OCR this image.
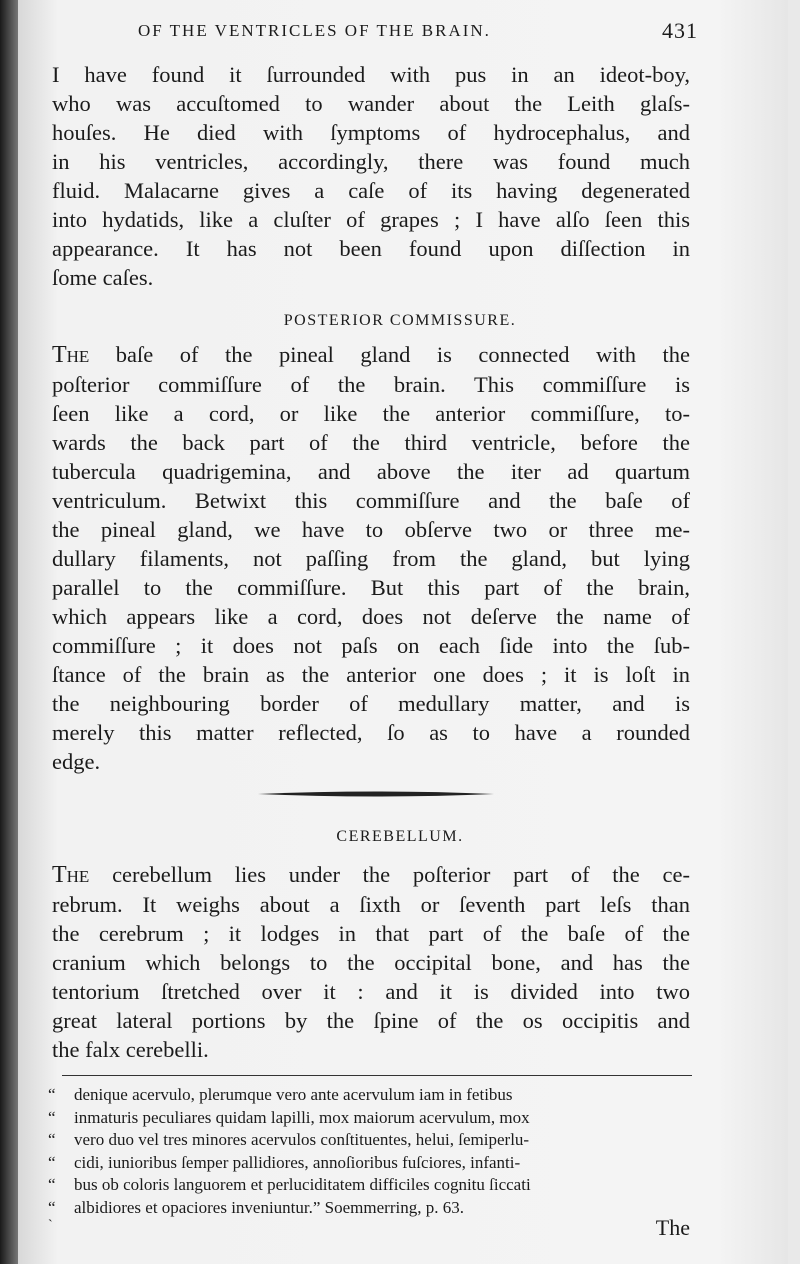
OF THE VENTRICLES OF THE BRAIN.	431
I have found it ſurrounded with pus in an ideot-boy,
who was accuſtomed to wander about the Leith glaſs-
houſes. He died with ſymptoms of hydrocephalus, and
in his ventricles, accordingly, there was found much
fluid. Malacarne gives a caſe of its having degenerated
into hydatids, like a cluſter of grapes ; I have alſo ſeen this
appearance. It has not been found upon diſſection in
ſome caſes.
POSTERIOR COMMISSURE.
The baſe of the pineal gland is connected with the
poſterior commiſſure of the brain. This commiſſure is
ſeen like a cord, or like the anterior commiſſure, to-
wards the back part of the third ventricle, before the
tubercula quadrigemina, and above the iter ad quartum
ventriculum. Betwixt this commiſſure and the baſe of
the pineal gland, we have to obſerve two or three me-
dullary filaments, not paſſing from the gland, but lying
parallel to the commiſſure. But this part of the brain,
which appears like a cord, does not deſerve the name of
commiſſure ; it does not paſs on each ſide into the ſub-
ſtance of the brain as the anterior one does ; it is loſt in
the neighbouring border of medullary matter, and is
merely this matter reflected, ſo as to have a rounded
edge.
CEREBELLUM.
The cerebellum lies under the poſterior part of the ce-
rebrum. It weighs about a ſixth or ſeventh part leſs than
the cerebrum ; it lodges in that part of the baſe of the
cranium which belongs to the occipital bone, and has the
tentorium ſtretched over it : and it is divided into two
great lateral portions by the ſpine of the os occipitis and
the falx cerebelli.
“ denique acervulo, plerumque vero ante acervulum iam in fetibus
“ inmaturis peculiares quidam lapilli, mox maiorum acervulum, mox
“ vero duo vel tres minores acervulos conſtituentes, helui, ſemiperlu-
“ cidi, iunioribus ſemper pallidiores, annoſioribus fuſciores, infanti-
“ bus ob coloris languorem et perluciditatem difficiles cognitu ſiccati
“ albidiores et opaciores inveniuntur.” Soemmerring, p. 63.
`	The
